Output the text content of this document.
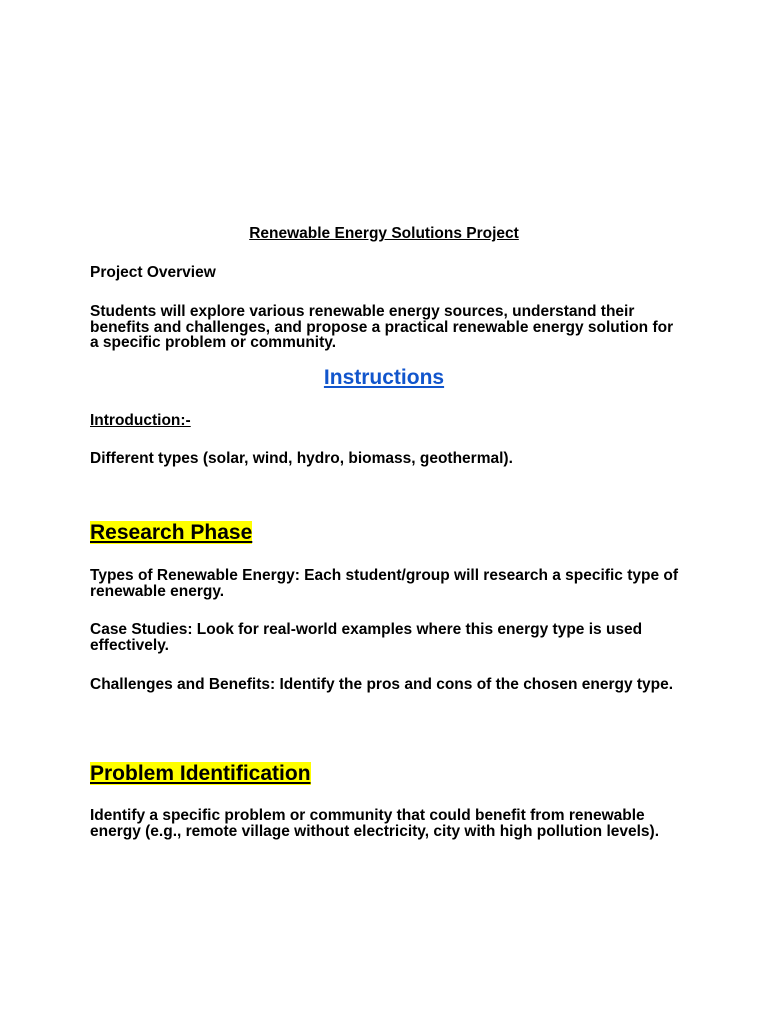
Renewable Energy Solutions Project

Project Overview

Students will explore various renewable energy sources, understand their benefits and challenges, and propose a practical renewable energy solution for a specific problem or community.

Instructions

Introduction:-

Different types (solar, wind, hydro, biomass, geothermal).

Research Phase

Types of Renewable Energy: Each student/group will research a specific type of renewable energy.

Case Studies: Look for real-world examples where this energy type is used effectively.

Challenges and Benefits: Identify the pros and cons of the chosen energy type.

Problem Identification

Identify a specific problem or community that could benefit from renewable energy (e.g., remote village without electricity, city with high pollution levels).
